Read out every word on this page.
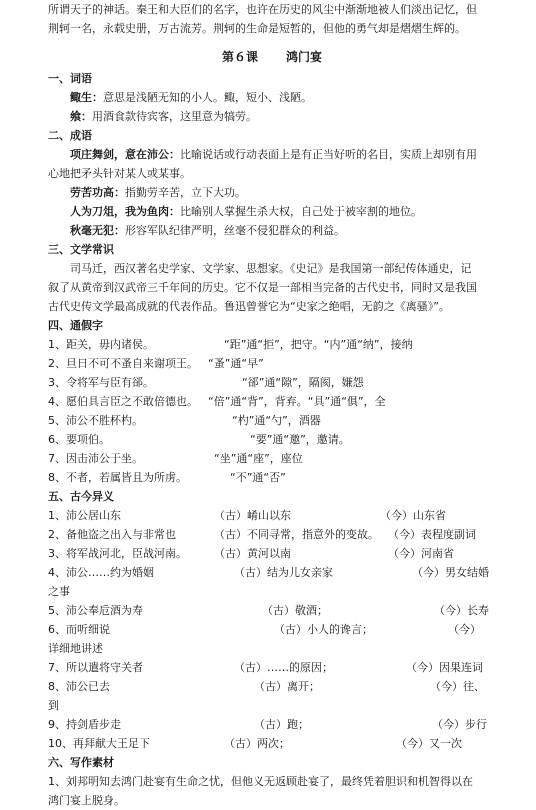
所谓天子的神话。秦王和大臣们的名字，也许在历史的风尘中渐渐地被人们淡出记忆，但

荆轲一名，永载史册，万古流芳。荆轲的生命是短暂的，但他的勇气却是熠熠生辉的。

第６课 鸿门宴

一、词语

鲰生：意思是浅陋无知的小人。鲰，短小、浅陋。

飨：用酒食款待宾客，这里意为犒劳。

二、成语

项庄舞剑，意在沛公：比喻说话或行动表面上是有正当好听的名目，实质上却别有用

心地把矛头针对某人或某事。

劳苦功高：指勤劳辛苦，立下大功。

人为刀俎，我为鱼肉：比喻别人掌握生杀大权，自己处于被宰割的地位。

秋毫无犯：形容军队纪律严明，丝毫不侵犯群众的利益。

三、文学常识

司马迁，西汉著名史学家、文学家、思想家。《史记》是我国第一部纪传体通史，记

叙了从黄帝到汉武帝三千年间的历史。它不仅是一部相当完备的古代史书，同时又是我国

古代史传文学最高成就的代表作品。鲁迅曾誉它为“史家之绝唱，无韵之《离骚》”。

四、通假字

1、距关，毋内诸侯。	“距”通“拒”，把守。“内”通“纳”，接纳
2、旦日不可不蚤自来谢项王。 “蚤”通“早”
3、令将军与臣有郤。	“郤”通“隙”，隔阂，嫌怨
4、愿伯具言臣之不敢倍德也。 “倍”通“背”，背弃。“具”通“俱”，全
5、沛公不胜杯杓。	“杓”通“勺”，酒器
6、要项伯。	“要”通“邀”，邀请。
7、因击沛公于坐。	“坐”通“座”，座位
8、不者，若属皆且为所虏。	“不”通“否”

五、古今异义

1、沛公居山东	（古）崤山以东	（今）山东省
2、备他盗之出入与非常也	（古）不同寻常，指意外的变故。 （今）表程度副词
3、将军战河北，臣战河南。	（古）黄河以南	（今）河南省
4、沛公……约为婚姻	（古）结为儿女亲家	（今）男女结婚

之事

5、沛公奉卮酒为寿	（古）敬酒；	（今）长寿
6、而听细说	（古）小人的谗言；	（今）

详细地讲述

7、所以遣将守关者	（古）……的原因；	（今）因果连词
8、沛公已去	（古）离开；	（今）往、

到

9、持剑盾步走	（古）跑；	（今）步行
10、再拜献大王足下	（古）两次；	（今）又一次

六、写作素材

1、刘邦明知去鸿门赴宴有生命之忧，但他义无返顾赴宴了，最终凭着胆识和机智得以在

鸿门宴上脱身。
